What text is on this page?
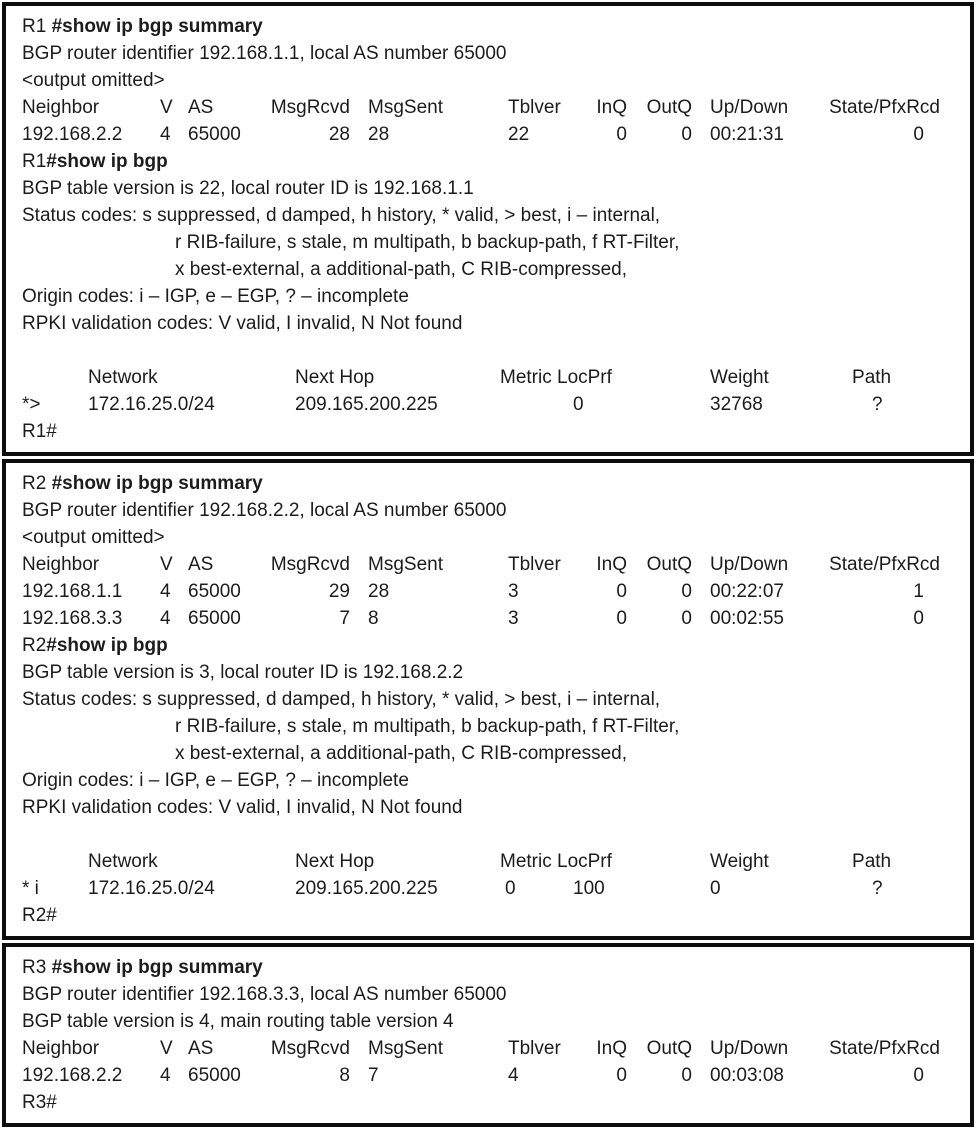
R1 #show ip bgp summary
BGP router identifier 192.168.1.1, local AS number 65000
<output omitted>
Neighbor	V	AS	MsgRcvd	MsgSent	Tblver	InQ	OutQ	Up/Down	State/PfxRcd
192.168.2.2	4	65000	28	28	22	0	0	00:21:31	0
R1#show ip bgp
BGP table version is 22, local router ID is 192.168.1.1
Status codes: s suppressed, d damped, h history, * valid, > best, i – internal,
r RIB-failure, s stale, m multipath, b backup-path, f RT-Filter,
x best-external, a additional-path, C RIB-compressed,
Origin codes: i – IGP, e – EGP, ? – incomplete
RPKI validation codes: V valid, I invalid, N Not found
	Network	Next Hop	Metric LocPrf		Weight	Path
*>	172.16.25.0/24	209.165.200.225		0	32768	?
R1#
R2 #show ip bgp summary
BGP router identifier 192.168.2.2, local AS number 65000
<output omitted>
Neighbor	V	AS	MsgRcvd	MsgSent	Tblver	InQ	OutQ	Up/Down	State/PfxRcd
192.168.1.1	4	65000	29	28	3	0	0	00:22:07	1
192.168.3.3	4	65000	7	8	3	0	0	00:02:55	0
R2#show ip bgp
BGP table version is 3, local router ID is 192.168.2.2
Status codes: s suppressed, d damped, h history, * valid, > best, i – internal,
r RIB-failure, s stale, m multipath, b backup-path, f RT-Filter,
x best-external, a additional-path, C RIB-compressed,
Origin codes: i – IGP, e – EGP, ? – incomplete
RPKI validation codes: V valid, I invalid, N Not found
	Network	Next Hop	Metric LocPrf		Weight	Path
* i	172.16.25.0/24	209.165.200.225	0	100	0	?
R2#
R3 #show ip bgp summary
BGP router identifier 192.168.3.3, local AS number 65000
BGP table version is 4, main routing table version 4
Neighbor	V	AS	MsgRcvd	MsgSent	Tblver	InQ	OutQ	Up/Down	State/PfxRcd
192.168.2.2	4	65000	8	7	4	0	0	00:03:08	0
R3#
